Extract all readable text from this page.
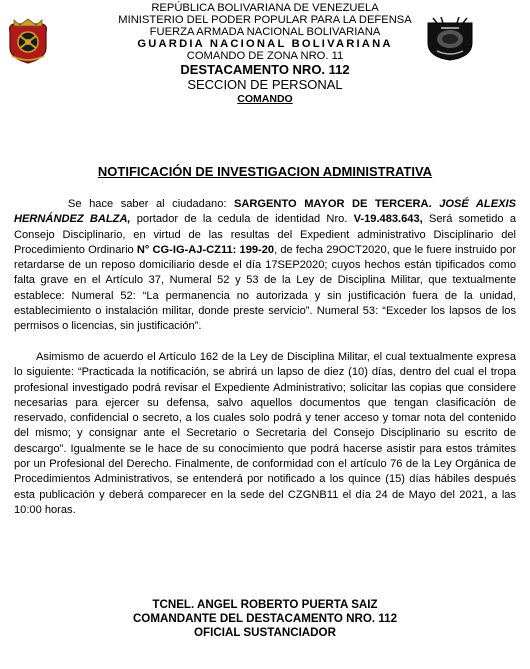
REPÚBLICA BOLIVARIANA DE VENEZUELA
MINISTERIO DEL PODER POPULAR PARA LA DEFENSA
FUERZA ARMADA NACIONAL BOLIVARIANA
GUARDIA NACIONAL BOLIVARIANA
COMANDO DE ZONA NRO. 11
DESTACAMENTO NRO. 112
SECCION DE PERSONAL
COMANDO
NOTIFICACIÓN DE INVESTIGACION ADMINISTRATIVA
Se hace saber al ciudadano: SARGENTO MAYOR DE TERCERA. JOSÉ ALEXIS HERNÁNDEZ BALZA, portador de la cedula de identidad Nro. V-19.483.643, Será sometido a Consejo Disciplinario, en virtud de las resultas del Expedient administrativo Disciplinario del Procedimiento Ordinario N° CG-IG-AJ-CZ11: 199-20, de fecha 29OCT2020, que le fuere instruido por retardarse de un reposo domiciliario desde el día 17SEP2020; cuyos hechos están tipificados como falta grave en el Artículo 37, Numeral 52 y 53 de la Ley de Disciplina Militar, que textualmente establece: Numeral 52: “La permanencia no autorizada y sin justificación fuera de la unidad, establecimiento o instalación militar, donde preste servicio”. Numeral 53: “Exceder los lapsos de los permisos o licencias, sin justificación”.
Asimismo de acuerdo el Artículo 162 de la Ley de Disciplina Militar, el cual textualmente expresa lo siguiente: “Practicada la notificación, se abrirá un lapso de diez (10) días, dentro del cual el tropa profesional investigado podrá revisar el Expediente Administrativo; solicitar las copias que considere necesarias para ejercer su defensa, salvo aquellos documentos que tengan clasificación de reservado, confidencial o secreto, a los cuales solo podrá y tener acceso y tomar nota del contenido del mismo; y consignar ante el Secretario o Secretaria del Consejo Disciplinario su escrito de descargo”. Igualmente se le hace de su conocimiento que podrá hacerse asistir para estos trámites por un Profesional del Derecho. Finalmente, de conformidad con el artículo 76 de la Ley Orgánica de Procedimientos Administrativos, se entenderá por notificado a los quince (15) días hábiles después esta publicación y deberá comparecer en la sede del CZGNB11 el día 24 de Mayo del 2021, a las 10:00 horas.
TCNEL. ANGEL ROBERTO PUERTA SAIZ
COMANDANTE DEL DESTACAMENTO NRO. 112
OFICIAL SUSTANCIADOR
